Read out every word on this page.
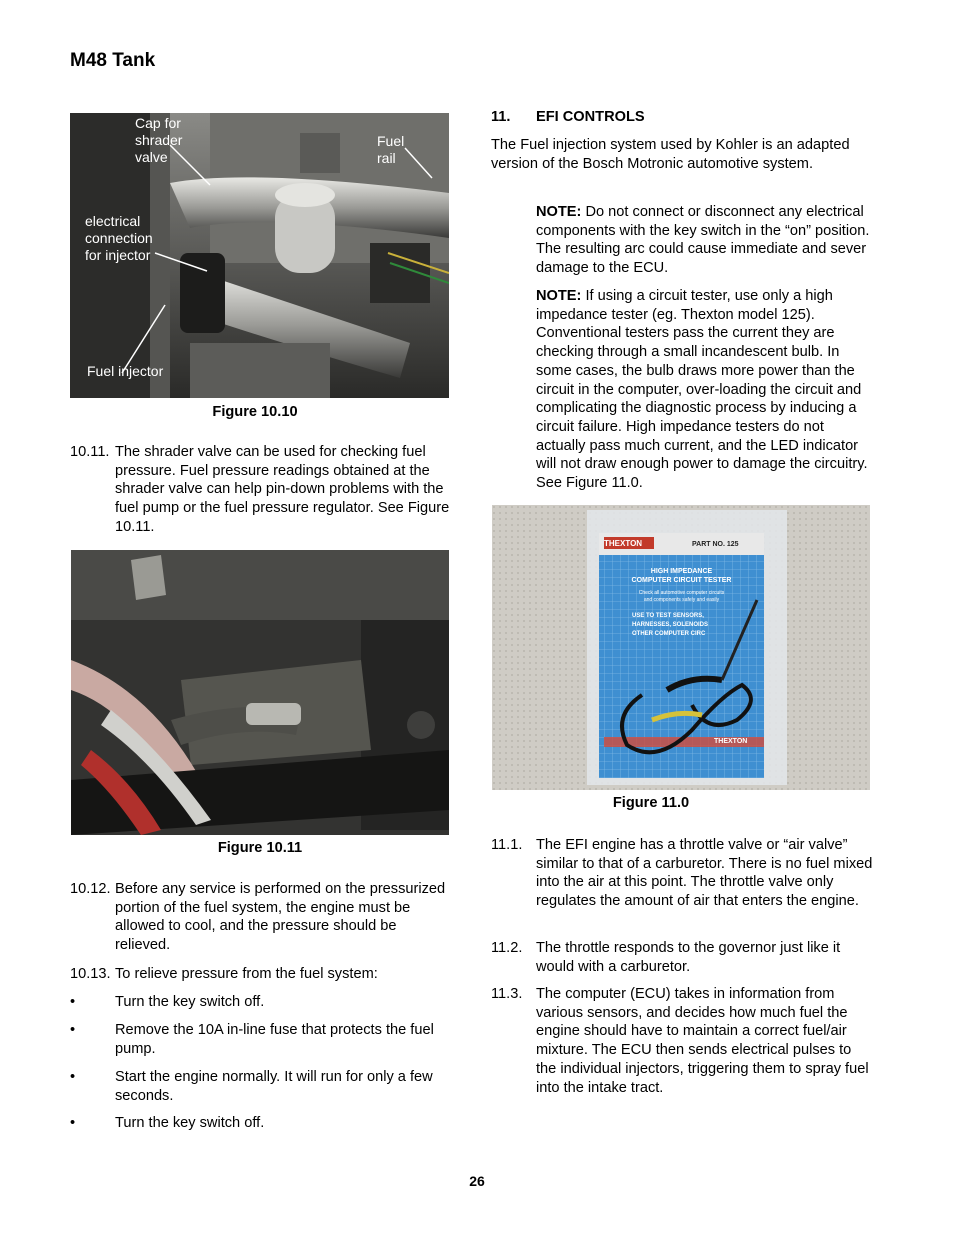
M48 Tank
Cap for
shrader
valve
Fuel
rail
electrical
connection
for injector
Fuel injector
Figure 10.10
10.11. The shrader valve can be used for checking fuel pressure. Fuel pressure readings obtained at the shrader valve can help pin-down problems with the fuel pump or the fuel pressure regulator. See Figure 10.11.
Figure 10.11
10.12. Before any service is performed on the pressurized portion of the fuel system, the engine must be allowed to cool, and the pressure should be relieved.
10.13. To relieve pressure from the fuel system:
•	Turn the key switch off.
•	Remove the 10A in-line fuse that protects the fuel pump.
•	Start the engine normally. It will run for only a few seconds.
•	Turn the key switch off.
11. EFI CONTROLS
The Fuel injection system used by Kohler is an adapted version of the Bosch Motronic automotive system.
NOTE: Do not connect or disconnect any electrical components with the key switch in the “on” position. The resulting arc could cause immediate and sever damage to the ECU.
NOTE: If using a circuit tester, use only a high impedance tester (eg. Thexton model 125). Conventional testers pass the current they are checking through a small incandescent bulb. In some cases, the bulb draws more power than the circuit in the computer, over-loading the circuit and complicating the diagnostic process by inducing a circuit failure. High impedance testers do not actually pass much current, and the LED indicator will not draw enough power to damage the circuitry. See Figure 11.0.
THEXTON	PART NO. 125
HIGH IMPEDANCE
COMPUTER CIRCUIT TESTER
Check all automotive computer circuits
and components safely and easily
USE TO TEST SENSORS,
HARNESSES, SOLENOIDS
OTHER COMPUTER CIRC
THEXTON
Figure 11.0
11.1. The EFI engine has a throttle valve or “air valve” similar to that of a carburetor. There is no fuel mixed into the air at this point. The throttle valve only regulates the amount of air that enters the engine.
11.2. The throttle responds to the governor just like it would with a carburetor.
11.3. The computer (ECU) takes in information from various sensors, and decides how much fuel the engine should have to maintain a correct fuel/air mixture. The ECU then sends electrical pulses to the individual injectors, triggering them to spray fuel into the intake tract.
26
